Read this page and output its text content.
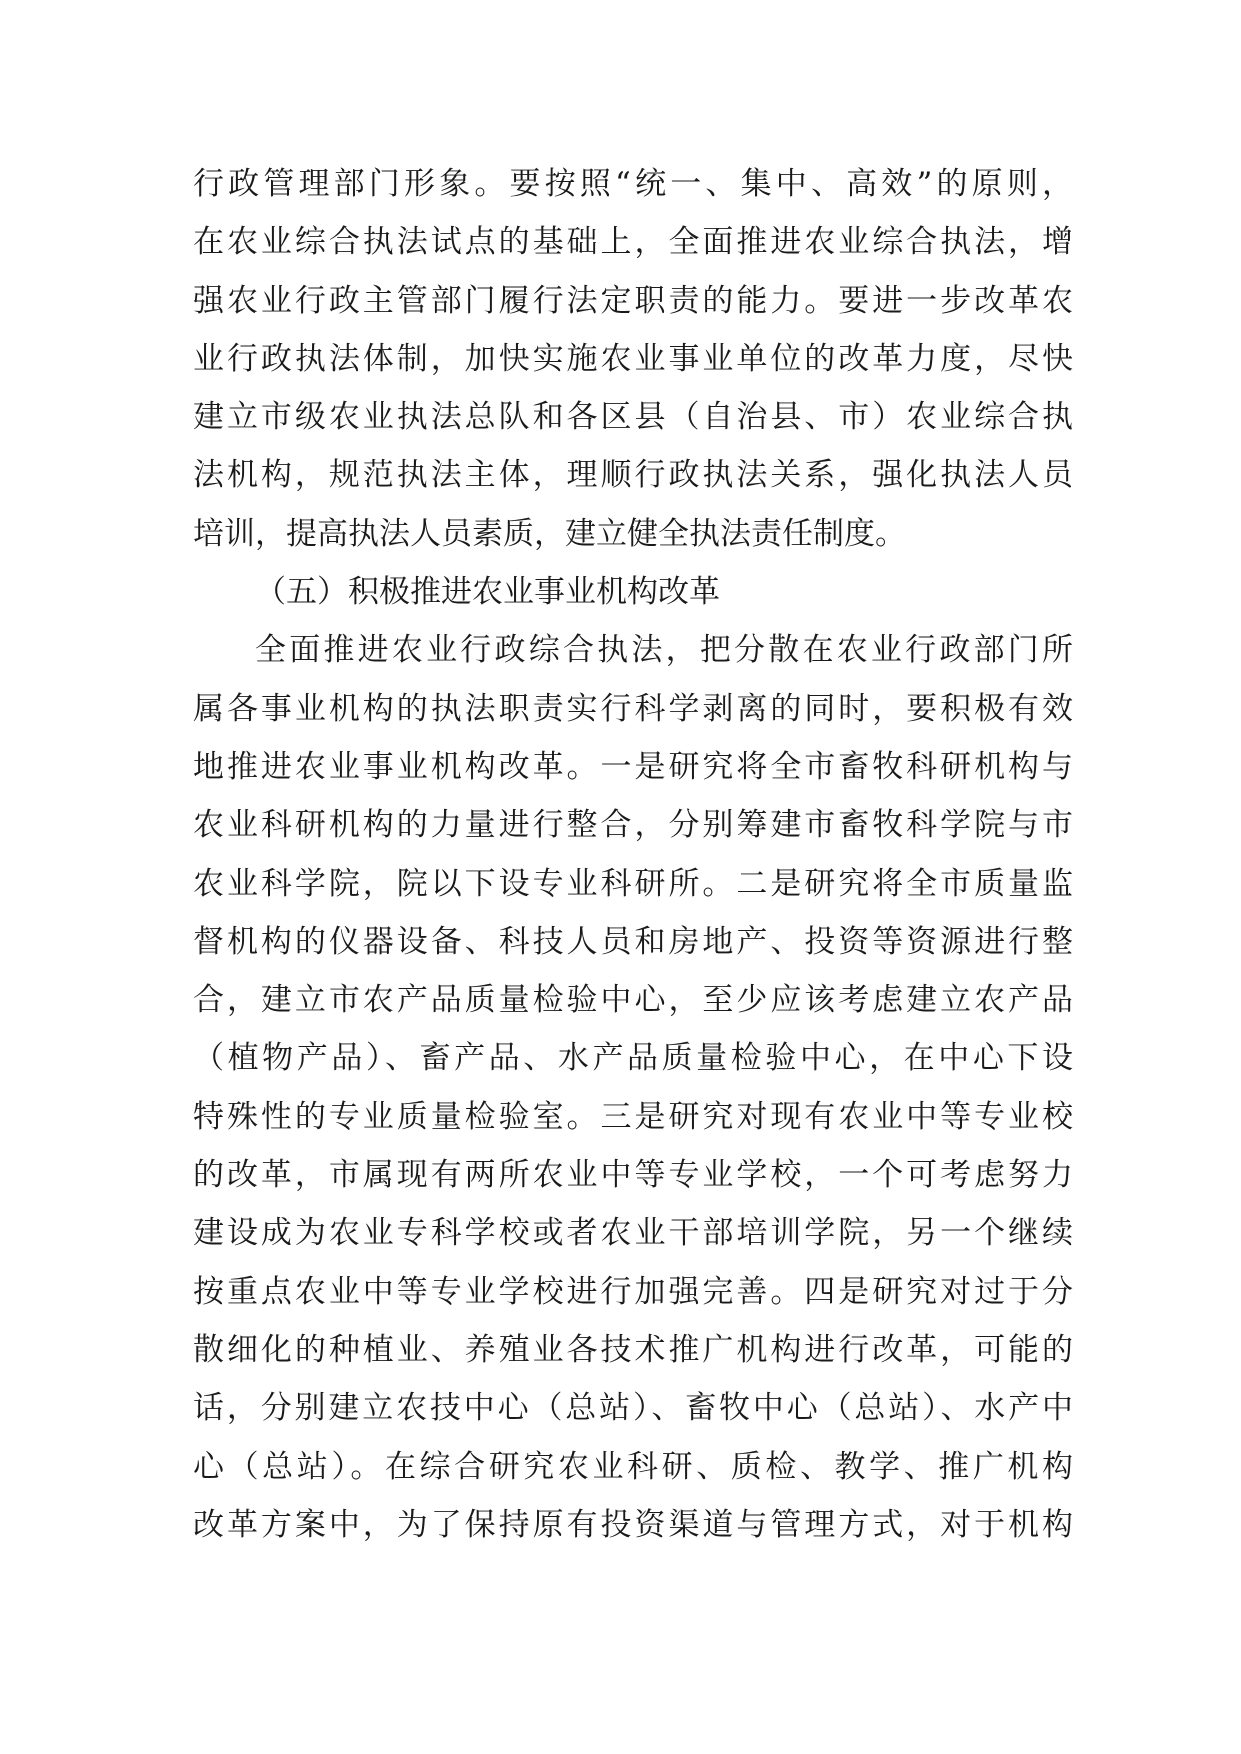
行政管理部门形象。要按照“统一、集中、高效”的原则，
在农业综合执法试点的基础上，全面推进农业综合执法，增
强农业行政主管部门履行法定职责的能力。要进一步改革农
业行政执法体制，加快实施农业事业单位的改革力度，尽快
建立市级农业执法总队和各区县（自治县、市）农业综合执
法机构，规范执法主体，理顺行政执法关系，强化执法人员
培训，提高执法人员素质，建立健全执法责任制度。
（五）积极推进农业事业机构改革
全面推进农业行政综合执法，把分散在农业行政部门所
属各事业机构的执法职责实行科学剥离的同时，要积极有效
地推进农业事业机构改革。一是研究将全市畜牧科研机构与
农业科研机构的力量进行整合，分别筹建市畜牧科学院与市
农业科学院，院以下设专业科研所。二是研究将全市质量监
督机构的仪器设备、科技人员和房地产、投资等资源进行整
合，建立市农产品质量检验中心，至少应该考虑建立农产品
（植物产品）、畜产品、水产品质量检验中心，在中心下设
特殊性的专业质量检验室。三是研究对现有农业中等专业校
的改革，市属现有两所农业中等专业学校，一个可考虑努力
建设成为农业专科学校或者农业干部培训学院，另一个继续
按重点农业中等专业学校进行加强完善。四是研究对过于分
散细化的种植业、养殖业各技术推广机构进行改革，可能的
话，分别建立农技中心（总站）、畜牧中心（总站）、水产中
心（总站）。在综合研究农业科研、质检、教学、推广机构
改革方案中，为了保持原有投资渠道与管理方式，对于机构
